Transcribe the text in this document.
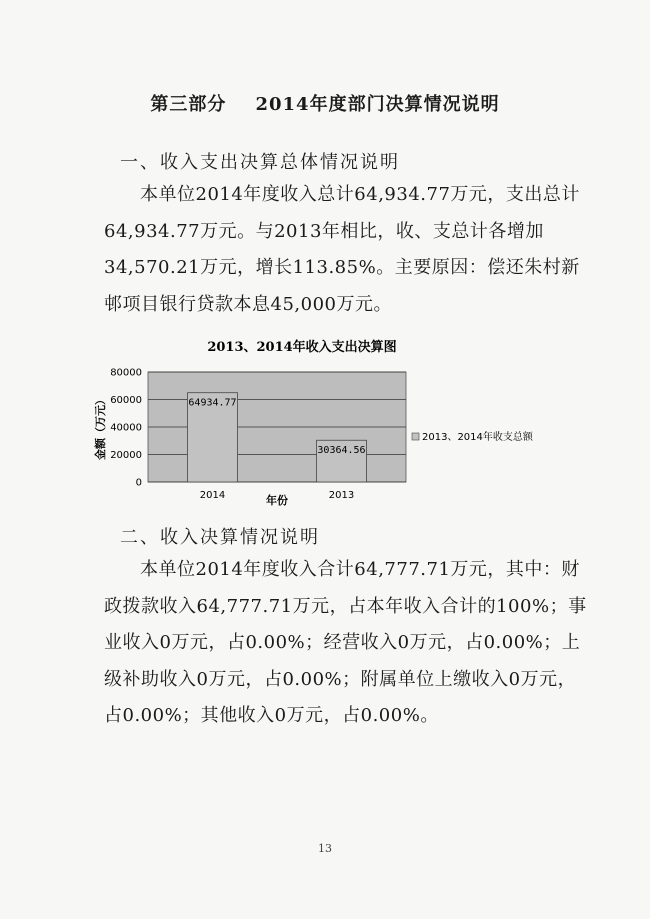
第三部分    2014年度部门决算情况说明
一、收入支出决算总体情况说明
本单位2014年度收入总计64,934.77万元，支出总计64,934.77万元。与2013年相比，收、支总计各增加34,570.21万元，增长113.85%。主要原因：偿还朱村新邨项目银行贷款本息45,000万元。
2013、2014年收入支出决算图
0
20000
40000
60000
80000
64934.77
30364.56
2014	2013
金额（万元）
年份
2013、2014年收支总额
二、收入决算情况说明
本单位2014年度收入合计64,777.71万元，其中：财政拨款收入64,777.71万元，占本年收入合计的100%；事业收入0万元，占0.00%；经营收入0万元，占0.00%；上级补助收入0万元，占0.00%；附属单位上缴收入0万元，占0.00%；其他收入0万元，占0.00%。
13
